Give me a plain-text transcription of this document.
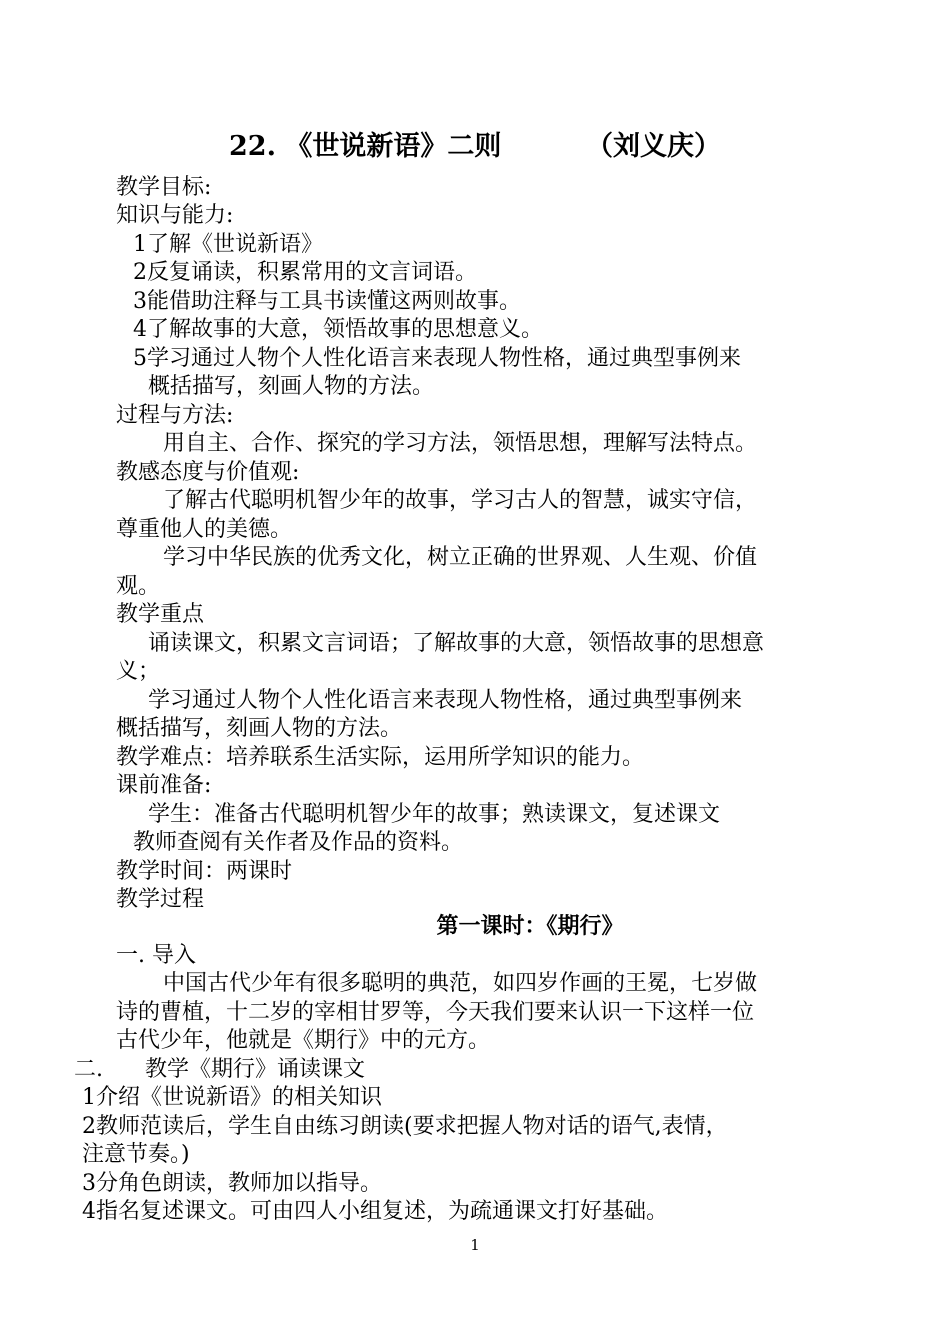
22. 《世说新语》二则         （刘义庆）
教学目标:
知识与能力:
1了解《世说新语》
2反复诵读，积累常用的文言词语。
3能借助注释与工具书读懂这两则故事。
4了解故事的大意，领悟故事的思想意义。
5学习通过人物个人性化语言来表现人物性格，通过典型事例来
概括描写，刻画人物的方法。
过程与方法:
用自主、合作、探究的学习方法，领悟思想，理解写法特点。
教感态度与价值观:
了解古代聪明机智少年的故事，学习古人的智慧，诚实守信，
尊重他人的美德。
学习中华民族的优秀文化，树立正确的世界观、人生观、价值
观。
教学重点
诵读课文，积累文言词语；了解故事的大意，领悟故事的思想意
义；
学习通过人物个人性化语言来表现人物性格，通过典型事例来
概括描写，刻画人物的方法。
教学难点：培养联系生活实际，运用所学知识的能力。
课前准备:
学生：准备古代聪明机智少年的故事；熟读课文，复述课文
教师查阅有关作者及作品的资料。
教学时间：两课时
教学过程
第一课时：《期行》
一. 导入
中国古代少年有很多聪明的典范，如四岁作画的王冕，七岁做
诗的曹植，十二岁的宰相甘罗等，今天我们要来认识一下这样一位
古代少年，他就是《期行》中的元方。
二.      教学《期行》诵读课文
1介绍《世说新语》的相关知识
2教师范读后，学生自由练习朗读(要求把握人物对话的语气,表情，
注意节奏。)
3分角色朗读，教师加以指导。
4指名复述课文。可由四人小组复述，为疏通课文打好基础。
1
